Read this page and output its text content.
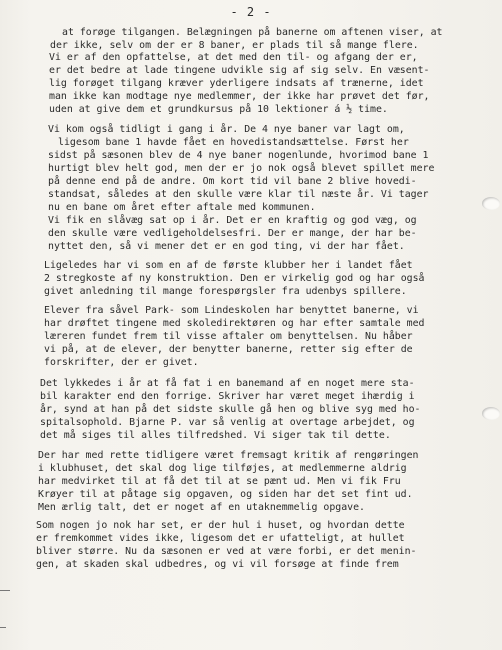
- 2 -
at forøge tilgangen. Belægningen på banerne om aftenen viser, at
der ikke, selv om der er 8 baner, er plads til så mange flere.
Vi er af den opfattelse, at det med den til- og afgang der er,
er det bedre at lade tingene udvikle sig af sig selv. En væsent-
lig forøget tilgang kræver yderligere indsats af trænerne, idet
man ikke kan modtage nye medlemmer, der ikke har prøvet det før,
uden at give dem et grundkursus på 10 lektioner á ½ time.
Vi kom også tidligt i gang i år. De 4 nye baner var lagt om,
ligesom bane 1 havde fået en hovedistandsættelse. Først her
sidst på sæsonen blev de 4 nye baner nogenlunde, hvorimod bane 1
hurtigt blev helt god, men der er jo nok også blevet spillet mere
på denne end på de andre. Om kort tid vil bane 2 blive hovedi-
standsat, således at den skulle være klar til næste år. Vi tager
nu en bane om året efter aftale med kommunen.
Vi fik en slåvæg sat op i år. Det er en kraftig og god væg, og
den skulle være vedligeholdelsesfri. Der er mange, der har be-
nyttet den, så vi mener det er en god ting, vi der har fået.
Ligeledes har vi som en af de første klubber her i landet fået
2 stregkoste af ny konstruktion. Den er virkelig god og har også
givet anledning til mange forespørgsler fra udenbys spillere.
Elever fra såvel Park- som Lindeskolen har benyttet banerne, vi
har drøftet tingene med skoledirektøren og har efter samtale med
læreren fundet frem til visse aftaler om benyttelsen. Nu håber
vi på, at de elever, der benytter banerne, retter sig efter de
forskrifter, der er givet.
Det lykkedes i år at få fat i en banemand af en noget mere sta-
bil karakter end den forrige. Skriver har været meget ihærdig i
år, synd at han på det sidste skulle gå hen og blive syg med ho-
spitalsophold. Bjarne P. var så venlig at overtage arbejdet, og
det må siges til alles tilfredshed. Vi siger tak til dette.
Der har med rette tidligere været fremsagt kritik af rengøringen
i klubhuset, det skal dog lige tilføjes, at medlemmerne aldrig
har medvirket til at få det til at se pænt ud. Men vi fik Fru
Krøyer til at påtage sig opgaven, og siden har det set fint ud.
Men ærlig talt, det er noget af en utaknemmelig opgave.
Som nogen jo nok har set, er der hul i huset, og hvordan dette
er fremkommet vides ikke, ligesom det er ufatteligt, at hullet
bliver større. Nu da sæsonen er ved at være forbi, er det menin-
gen, at skaden skal udbedres, og vi vil forsøge at finde frem
